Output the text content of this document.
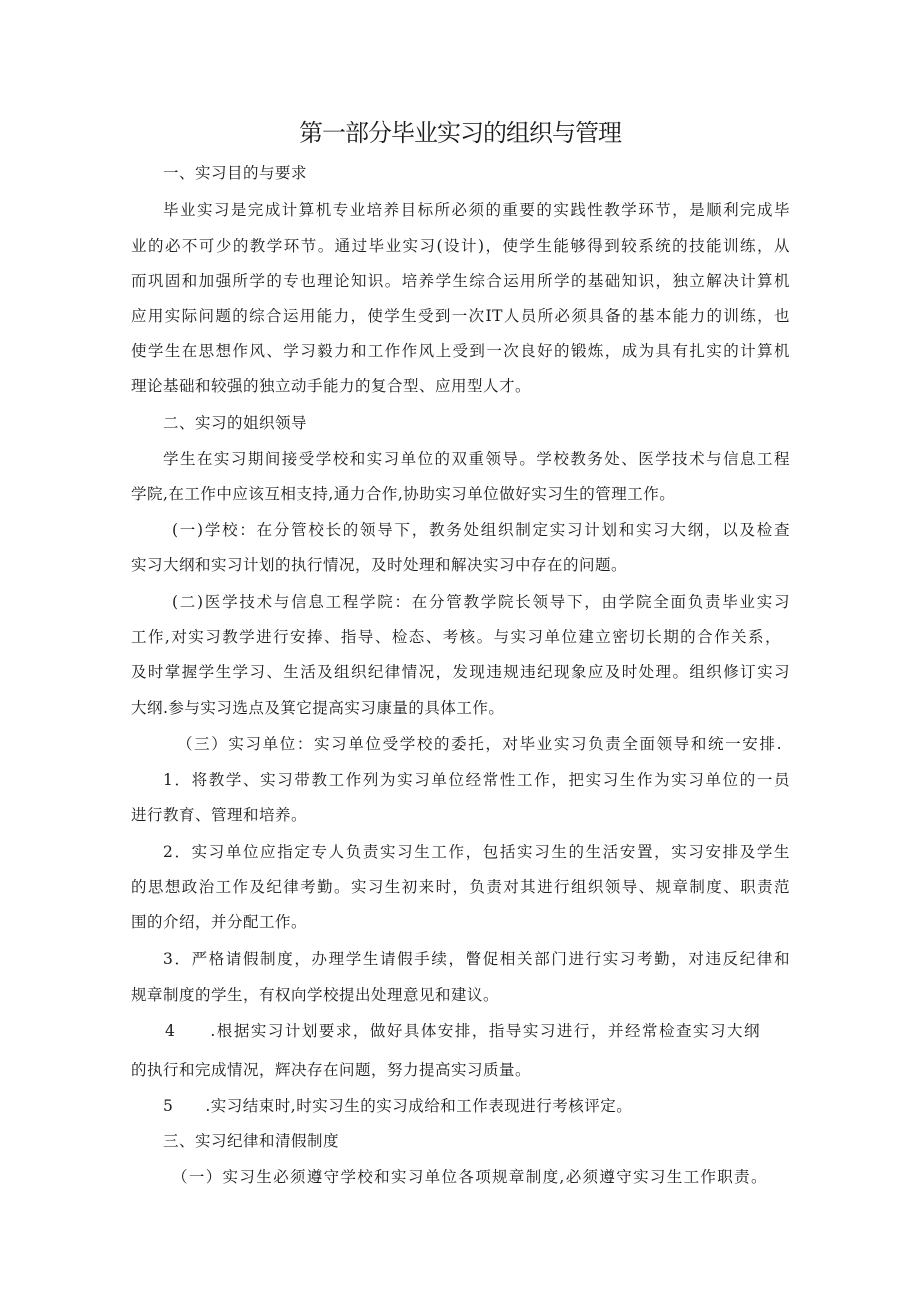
第一部分毕业实习的组织与管理
一、实习目的与要求
毕业实习是完成计算机专业培养目标所必须的重要的实践性教学环节，是顺利完成毕
业的必不可少的教学环节。通过毕业实习(设计)，使学生能够得到较系统的技能训练，从
而巩固和加强所学的专也理论知识。培养学生综合运用所学的基础知识，独立解决计算机
应用实际问题的综合运用能力，使学生受到一次IT人员所必须具备的基本能力的训练，也
使学生在思想作风、学习毅力和工作作风上受到一次良好的锻炼，成为具有扎实的计算机
理论基础和较强的独立动手能力的复合型、应用型人才。
二、实习的姐织领导
学生在实习期间接受学校和实习单位的双重领导。学校教务处、医学技术与信息工程
学院,在工作中应该互相支持,通力合作,协助实习单位做好实习生的管理工作。
(一)学校：在分管校长的领导下，教务处组织制定实习计划和实习大纲，以及检查
实习大纲和实习计划的执行情况，及时处理和解决实习中存在的问题。
(二)医学技术与信息工程学院：在分管教学院长领导下，由学院全面负责毕业实习
工作,对实习教学进行安捧、指导、检态、考核。与实习单位建立密切长期的合作关系，
及时掌握学生学习、生活及组织纪律情况，发现违规违纪现象应及时处理。组织修订实习
大纲.参与实习选点及箕它提高实习康量的具体工作。
（三）实习单位：实习单位受学校的委托，对毕业实习负责全面领导和统一安排.
1．将教学、实习带教工作列为实习单位经常性工作，把实习生作为实习单位的一员
进行教育、管理和培养。
2．实习单位应指定专人负责实习生工作，包括实习生的生活安置，实习安排及学生
的思想政治工作及纪律考勤。实习生初来时，负责对其进行组织领导、规章制度、职责范
围的介绍，并分配工作。
3．严格请假制度，办理学生请假手续，瞥促相关部门进行实习考勤，对违反纪律和
规章制度的学生，有权向学校提出处理意见和建议。
4　　.根据实习计划要求，做好具体安排，指导实习进行，并经常检查实习大纲
的执行和完成情况，辉决存在问题，努力提高实习质量。
5　　.实习结束时,时实习生的实习成给和工作表现进行考核评定。
三、实习纪律和清假制度
（一）实习生必须遵守学校和实习单位各项规章制度,必须遵守实习生工作职责。
